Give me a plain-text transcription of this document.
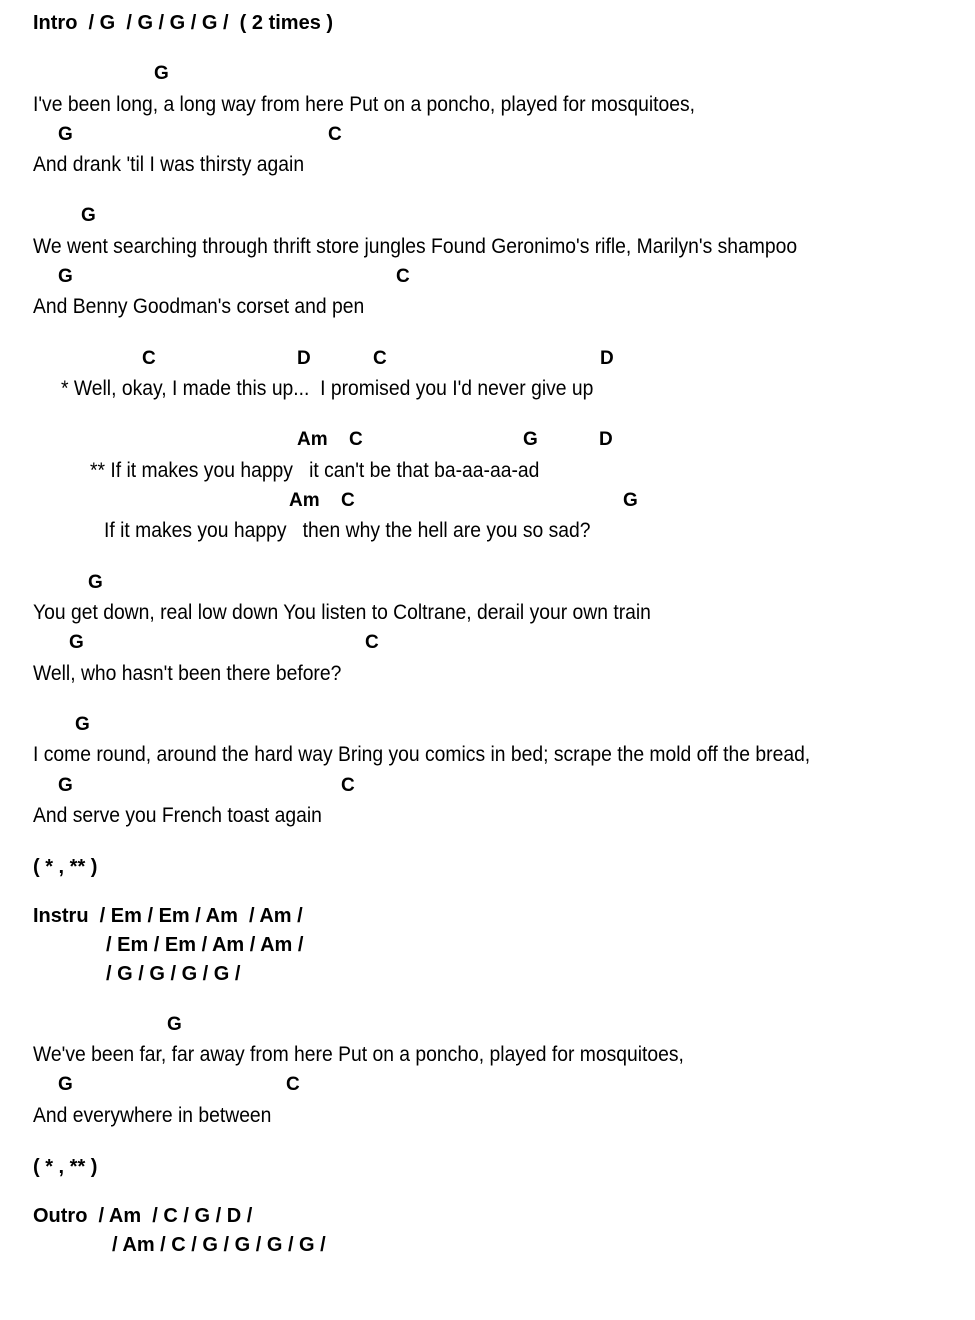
Intro  / G  / G / G / G /  ( 2 times )
G
I've been long, a long way from here Put on a poncho, played for mosquitoes,
G	C
And drank 'til I was thirsty again
G
We went searching through thrift store jungles Found Geronimo's rifle, Marilyn's shampoo
G	C
And Benny Goodman's corset and pen
C	D	C	D
* Well, okay, I made this up...  I promised you I'd never give up
Am C	G	D
** If it makes you happy   it can't be that ba-aa-aa-ad
Am C	G
If it makes you happy   then why the hell are you so sad?
G
You get down, real low down You listen to Coltrane, derail your own train
G	C
Well, who hasn't been there before?
G
I come round, around the hard way Bring you comics in bed; scrape the mold off the bread,
G	C
And serve you French toast again
( * , ** )
Instru  / Em / Em / Am  / Am /
/ Em / Em / Am / Am /
/ G / G / G / G /
G
We've been far, far away from here Put on a poncho, played for mosquitoes,
G	C
And everywhere in between
( * , ** )
Outro  / Am  / C / G / D /
/ Am / C / G / G / G / G /
